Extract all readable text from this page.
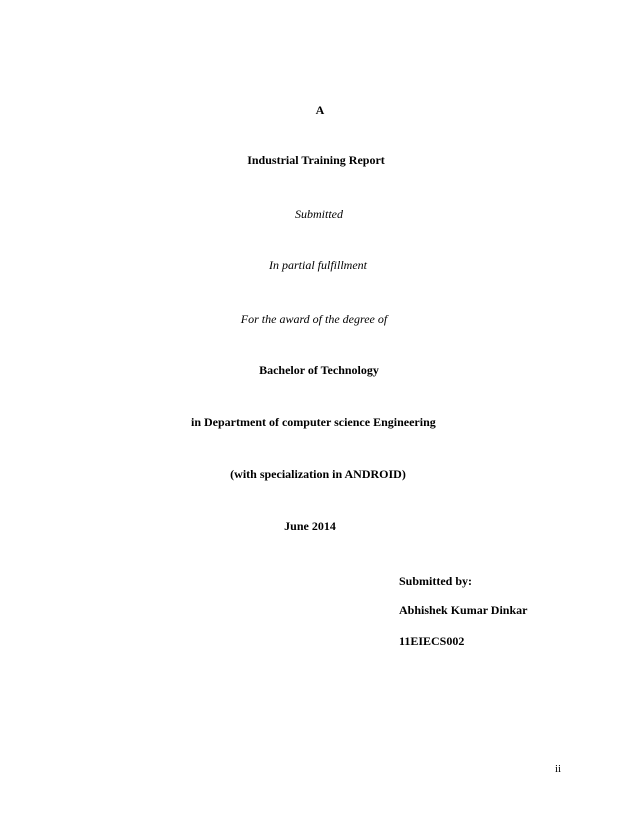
A
Industrial Training Report
Submitted
In partial fulfillment
For the award of the degree of
Bachelor of Technology
in Department of computer science Engineering
(with specialization in ANDROID)
June 2014
Submitted by:
Abhishek Kumar Dinkar
11EIECS002
ii
